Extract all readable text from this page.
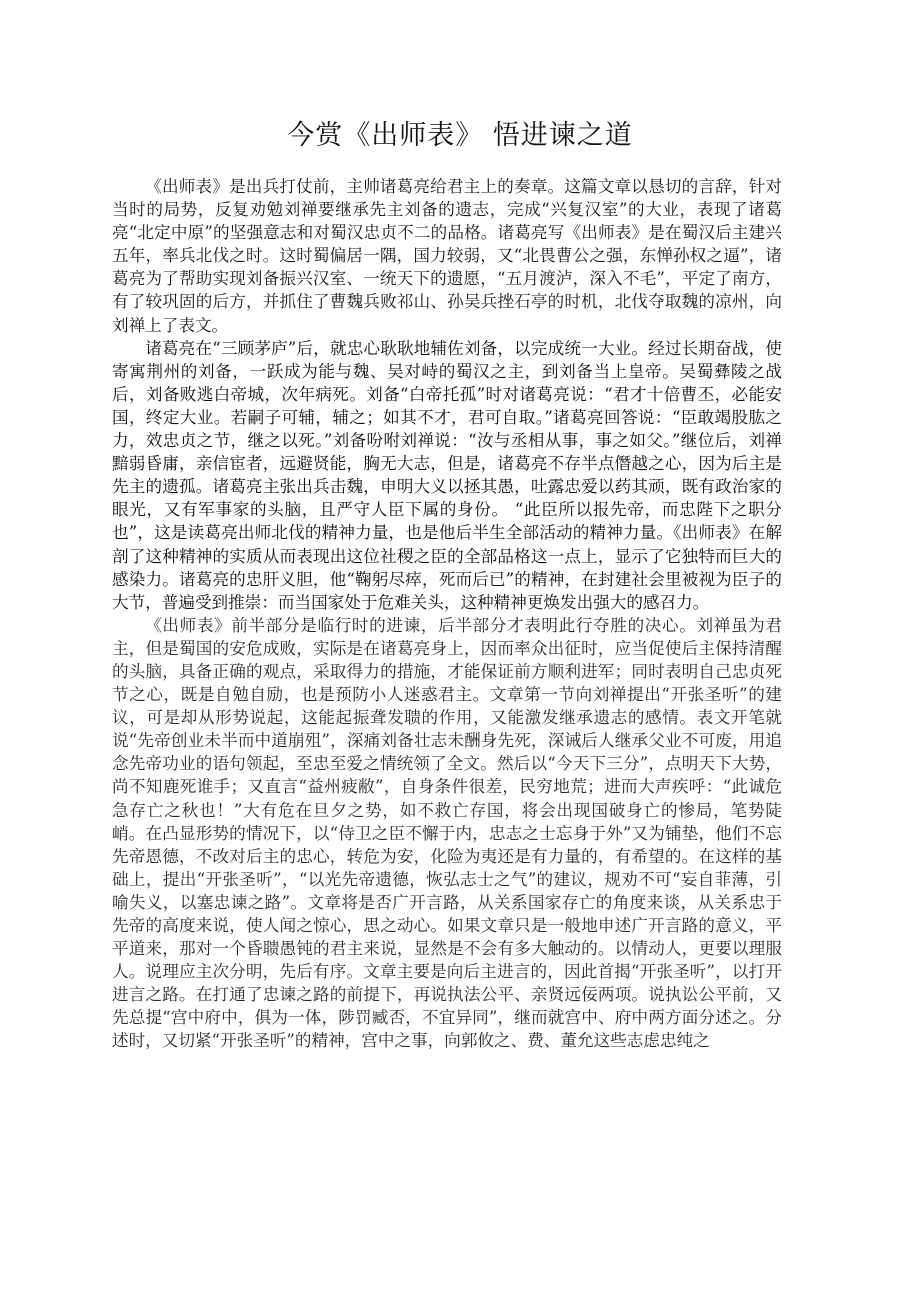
今赏《出师表》 悟进谏之道

《出师表》是出兵打仗前，主帅诸葛亮给君主上的奏章。这篇文章以恳切的言辞，针对当时的局势，反复劝勉刘禅要继承先主刘备的遗志，完成“兴复汉室”的大业，表现了诸葛亮“北定中原”的坚强意志和对蜀汉忠贞不二的品格。诸葛亮写《出师表》是在蜀汉后主建兴五年，率兵北伐之时。这时蜀偏居一隅，国力较弱，又“北畏曹公之强，东惮孙权之逼”，诸葛亮为了帮助实现刘备振兴汉室、一统天下的遗愿，“五月渡泸，深入不毛”，平定了南方，有了较巩固的后方，并抓住了曹魏兵败祁山、孙吴兵挫石亭的时机，北伐夺取魏的凉州，向刘禅上了表文。

诸葛亮在“三顾茅庐”后，就忠心耿耿地辅佐刘备，以完成统一大业。经过长期奋战，使寄寓荆州的刘备，一跃成为能与魏、吴对峙的蜀汉之主，到刘备当上皇帝。吴蜀彝陵之战后，刘备败逃白帝城，次年病死。刘备“白帝托孤”时对诸葛亮说：“君才十倍曹丕，必能安国，终定大业。若嗣子可辅，辅之；如其不才，君可自取。”诸葛亮回答说：“臣敢竭股肱之力，效忠贞之节，继之以死。”刘备吩咐刘禅说：“汝与丞相从事，事之如父。”继位后，刘禅黯弱昏庸，亲信宦者，远避贤能，胸无大志，但是，诸葛亮不存半点僭越之心，因为后主是先主的遗孤。诸葛亮主张出兵击魏，申明大义以拯其愚，吐露忠爱以药其顽，既有政治家的眼光，又有军事家的头脑，且严守人臣下属的身份。 “此臣所以报先帝，而忠陛下之职分也”，这是读葛亮出师北伐的精神力量，也是他后半生全部活动的精神力量。《出师表》在解剖了这种精神的实质从而表现出这位社稷之臣的全部品格这一点上，显示了它独特而巨大的感染力。诸葛亮的忠肝义胆，他“鞠躬尽瘁，死而后已”的精神，在封建社会里被视为臣子的大节，普遍受到推崇：而当国家处于危难关头，这种精神更焕发出强大的感召力。

《出师表》前半部分是临行时的进谏，后半部分才表明此行夺胜的决心。刘禅虽为君主，但是蜀国的安危成败，实际是在诸葛亮身上，因而率众出征时，应当促使后主保持清醒的头脑，具备正确的观点，采取得力的措施，才能保证前方顺利进军；同时表明自己忠贞死节之心，既是自勉自励，也是预防小人迷惑君主。文章第一节向刘禅提出“开张圣听”的建议，可是却从形势说起，这能起振聋发聩的作用，又能激发继承遗志的感情。表文开笔就说“先帝创业未半而中道崩殂”，深痛刘备壮志未酬身先死，深诫后人继承父业不可废，用追念先帝功业的语句领起，至忠至爱之情统领了全文。然后以“今天下三分”，点明天下大势，尚不知鹿死谁手；又直言“益州疲敝”，自身条件很差，民穷地荒；进而大声疾呼：“此诚危急存亡之秋也！”大有危在旦夕之势，如不救亡存国，将会出现国破身亡的惨局，笔势陡峭。在凸显形势的情况下，以“侍卫之臣不懈于内，忠志之士忘身于外”又为铺垫，他们不忘先帝恩德，不改对后主的忠心，转危为安，化险为夷还是有力量的，有希望的。在这样的基础上，提出“开张圣听”，“以光先帝遗德，恢弘志士之气”的建议，规劝不可“妄自菲薄，引喻失义，以塞忠谏之路”。文章将是否广开言路，从关系国家存亡的角度来谈，从关系忠于先帝的高度来说，使人闻之惊心，思之动心。如果文章只是一般地申述广开言路的意义，平平道来，那对一个昏聩愚钝的君主来说，显然是不会有多大触动的。以情动人，更要以理服人。说理应主次分明，先后有序。文章主要是向后主进言的，因此首揭“开张圣听”，以打开进言之路。在打通了忠谏之路的前提下，再说执法公平、亲贤远佞两项。说执讼公平前，又先总提“宫中府中，俱为一体，陟罚臧否，不宜异同”，继而就宫中、府中两方面分述之。分述时，又切紧“开张圣听”的精神，宫中之事，向郭攸之、费、董允这些志虑忠纯之
